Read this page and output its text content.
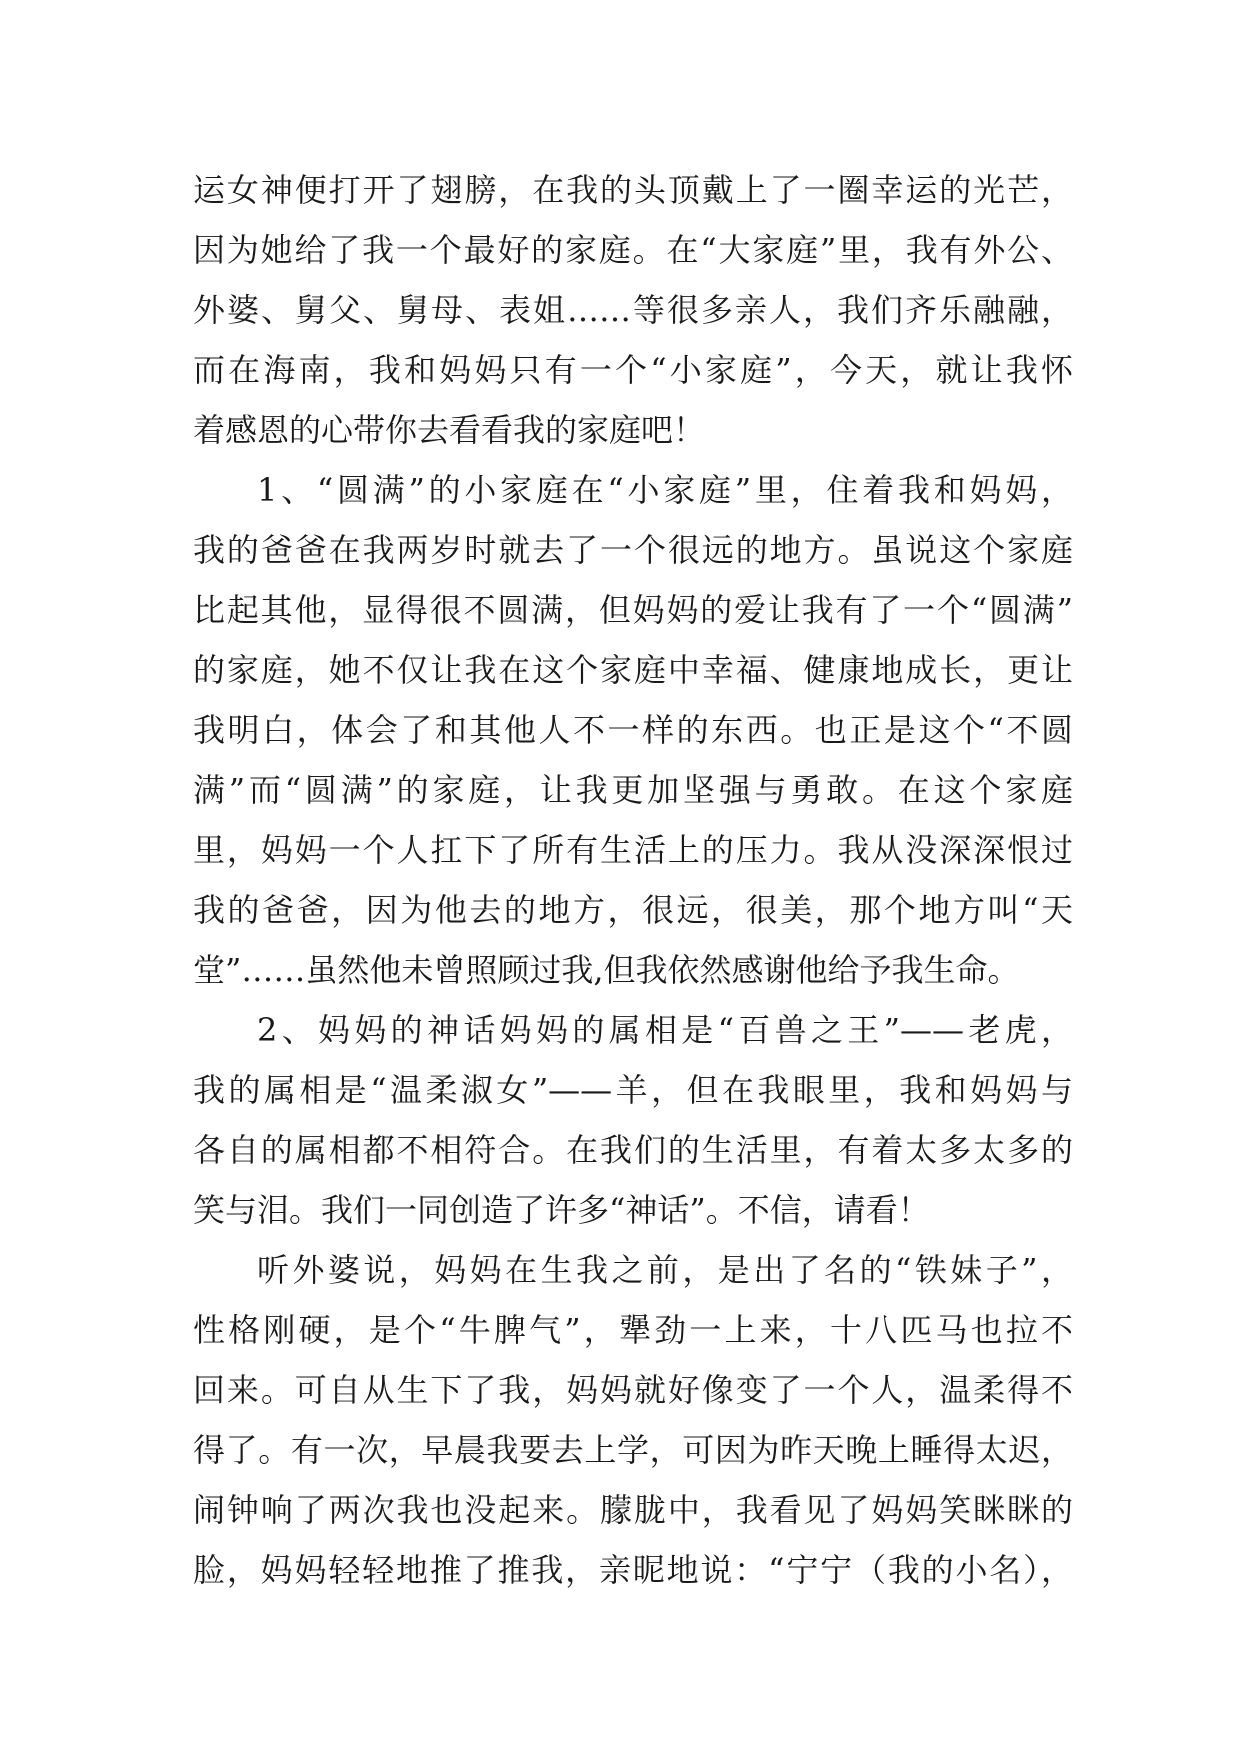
运女神便打开了翅膀，在我的头顶戴上了一圈幸运的光芒，
因为她给了我一个最好的家庭。在“大家庭”里，我有外公、
外婆、舅父、舅母、表姐……等很多亲人，我们齐乐融融，
而在海南，我和妈妈只有一个“小家庭”，今天，就让我怀
着感恩的心带你去看看我的家庭吧！
1、“圆满”的小家庭在“小家庭”里，住着我和妈妈，
我的爸爸在我两岁时就去了一个很远的地方。虽说这个家庭
比起其他，显得很不圆满，但妈妈的爱让我有了一个“圆满”
的家庭，她不仅让我在这个家庭中幸福、健康地成长，更让
我明白，体会了和其他人不一样的东西。也正是这个“不圆
满”而“圆满”的家庭，让我更加坚强与勇敢。在这个家庭
里，妈妈一个人扛下了所有生活上的压力。我从没深深恨过
我的爸爸，因为他去的地方，很远，很美，那个地方叫“天
堂”……虽然他未曾照顾过我,但我依然感谢他给予我生命。
2、妈妈的神话妈妈的属相是“百兽之王”——老虎，
我的属相是“温柔淑女”——羊，但在我眼里，我和妈妈与
各自的属相都不相符合。在我们的生活里，有着太多太多的
笑与泪。我们一同创造了许多“神话”。不信，请看！
听外婆说，妈妈在生我之前，是出了名的“铁妹子”，
性格刚硬，是个“牛脾气”，犟劲一上来，十八匹马也拉不
回来。可自从生下了我，妈妈就好像变了一个人，温柔得不
得了。有一次，早晨我要去上学，可因为昨天晚上睡得太迟，
闹钟响了两次我也没起来。朦胧中，我看见了妈妈笑眯眯的
脸，妈妈轻轻地推了推我，亲昵地说：“宁宁（我的小名），
